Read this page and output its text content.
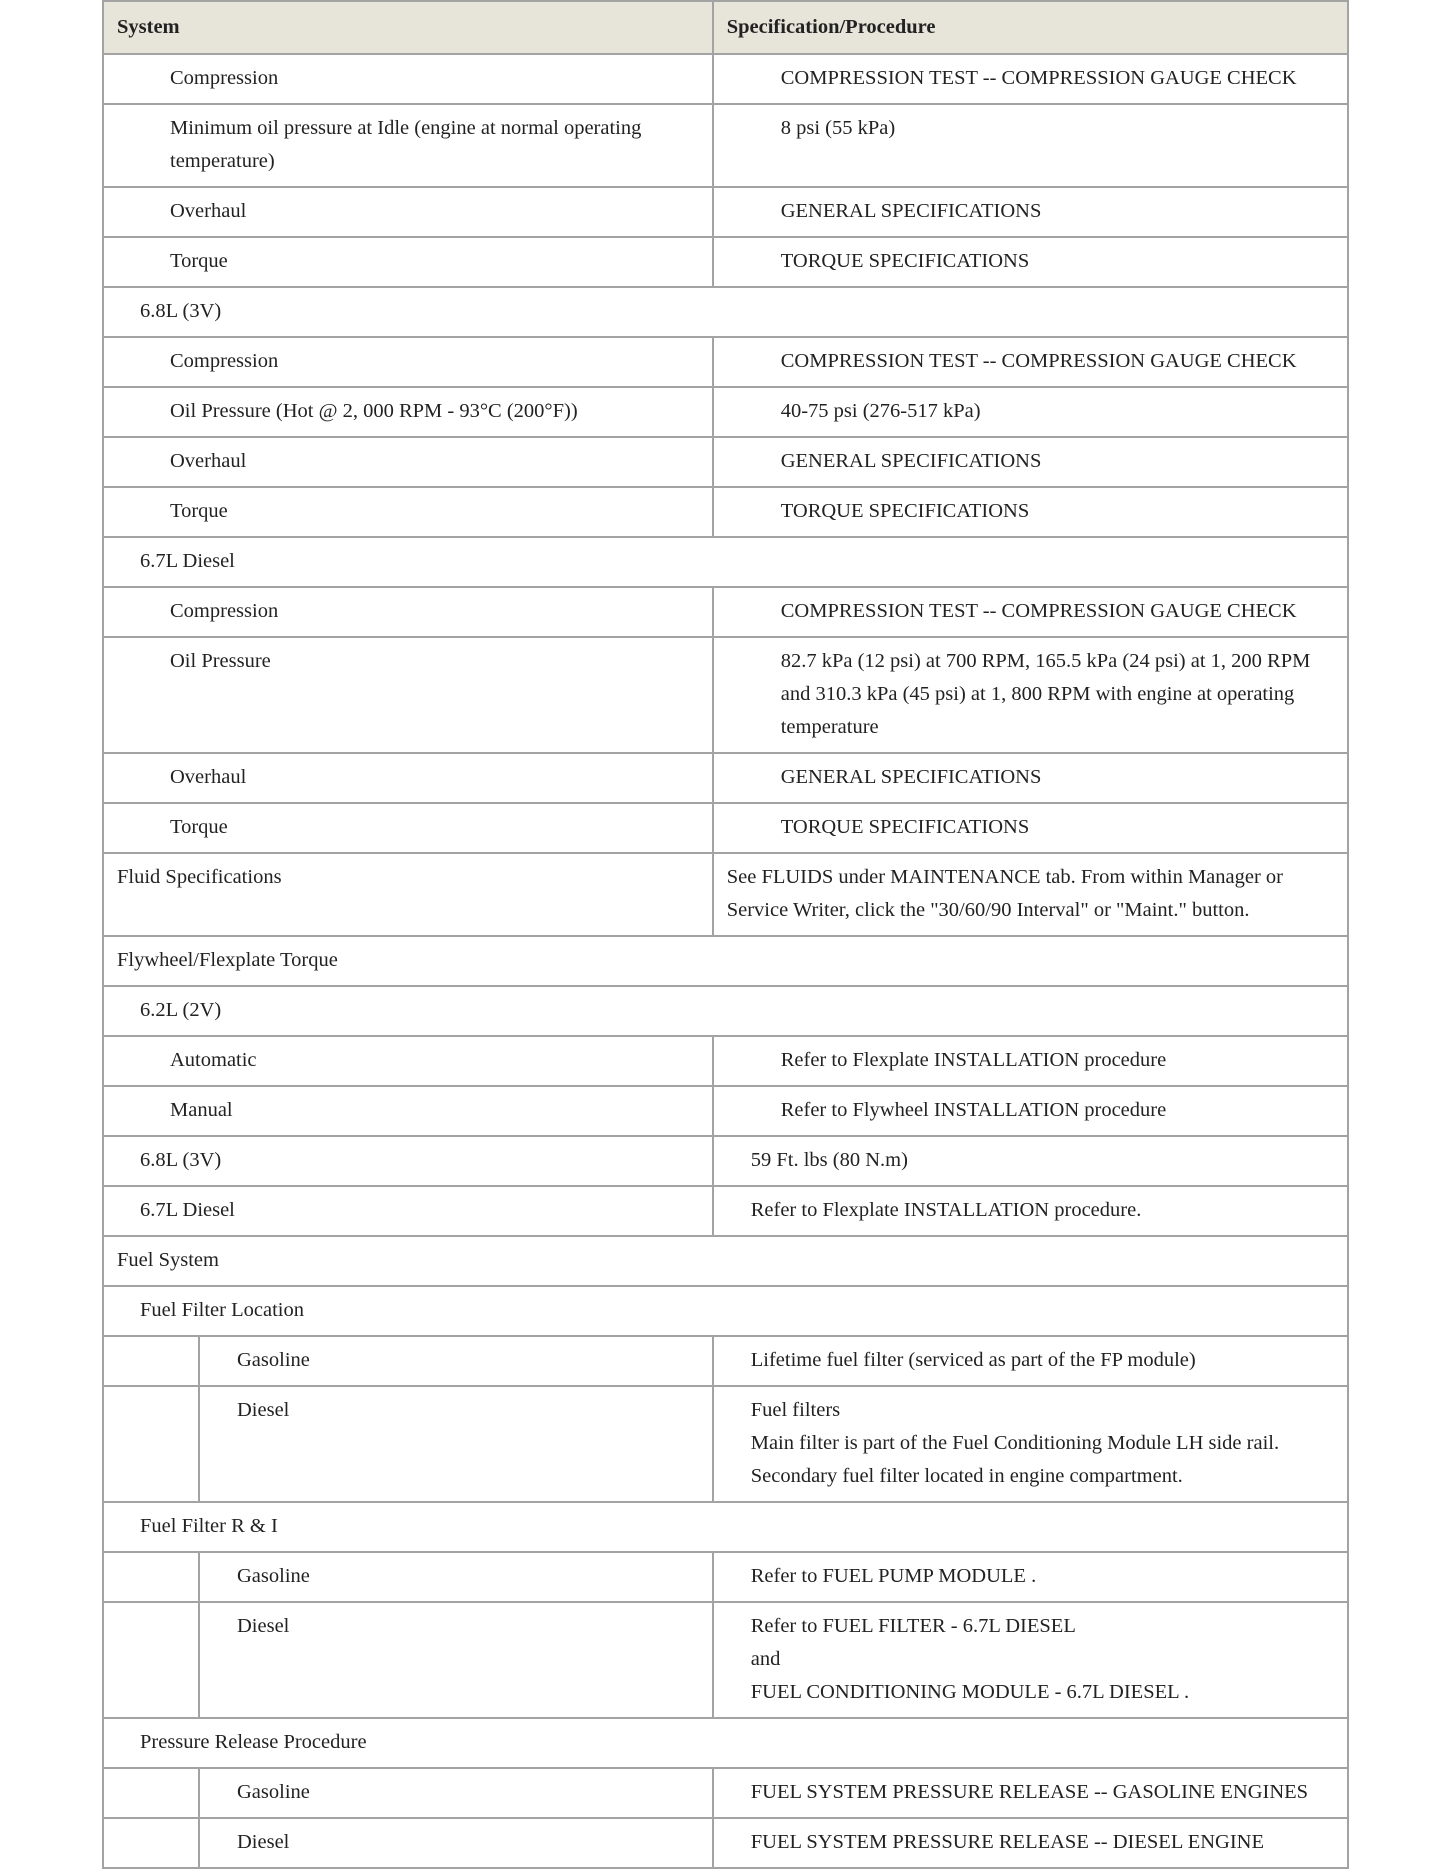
System		Specification/Procedure
Compression		COMPRESSION TEST -- COMPRESSION GAUGE CHECK
Minimum oil pressure at Idle (engine at normal operating temperature)		8 psi (55 kPa)
Overhaul		GENERAL SPECIFICATIONS
Torque		TORQUE SPECIFICATIONS
6.8L (3V)		
Compression		COMPRESSION TEST -- COMPRESSION GAUGE CHECK
Oil Pressure (Hot @ 2, 000 RPM - 93°C (200°F))		40-75 psi (276-517 kPa)
Overhaul		GENERAL SPECIFICATIONS
Torque		TORQUE SPECIFICATIONS
6.7L Diesel		
Compression		COMPRESSION TEST -- COMPRESSION GAUGE CHECK
Oil Pressure		82.7 kPa (12 psi) at 700 RPM, 165.5 kPa (24 psi) at 1, 200 RPM and 310.3 kPa (45 psi) at 1, 800 RPM with engine at operating temperature
Overhaul		GENERAL SPECIFICATIONS
Torque		TORQUE SPECIFICATIONS
Fluid Specifications		See FLUIDS under MAINTENANCE tab. From within Manager or Service Writer, click the "30/60/90 Interval" or "Maint." button.
Flywheel/Flexplate Torque		
6.2L (2V)		
Automatic		Refer to Flexplate INSTALLATION procedure
Manual		Refer to Flywheel INSTALLATION procedure
6.8L (3V)		59 Ft. lbs (80 N.m)
6.7L Diesel		Refer to Flexplate INSTALLATION procedure.
Fuel System		
Fuel Filter Location		
	Gasoline	Lifetime fuel filter (serviced as part of the FP module)
	Diesel	Fuel filters
Main filter is part of the Fuel Conditioning Module LH side rail.
Secondary fuel filter located in engine compartment.
Fuel Filter R & I		
	Gasoline	Refer to FUEL PUMP MODULE .
	Diesel	Refer to FUEL FILTER - 6.7L DIESEL
and
FUEL CONDITIONING MODULE - 6.7L DIESEL .
Pressure Release Procedure		
	Gasoline	FUEL SYSTEM PRESSURE RELEASE -- GASOLINE ENGINES
	Diesel	FUEL SYSTEM PRESSURE RELEASE -- DIESEL ENGINE
